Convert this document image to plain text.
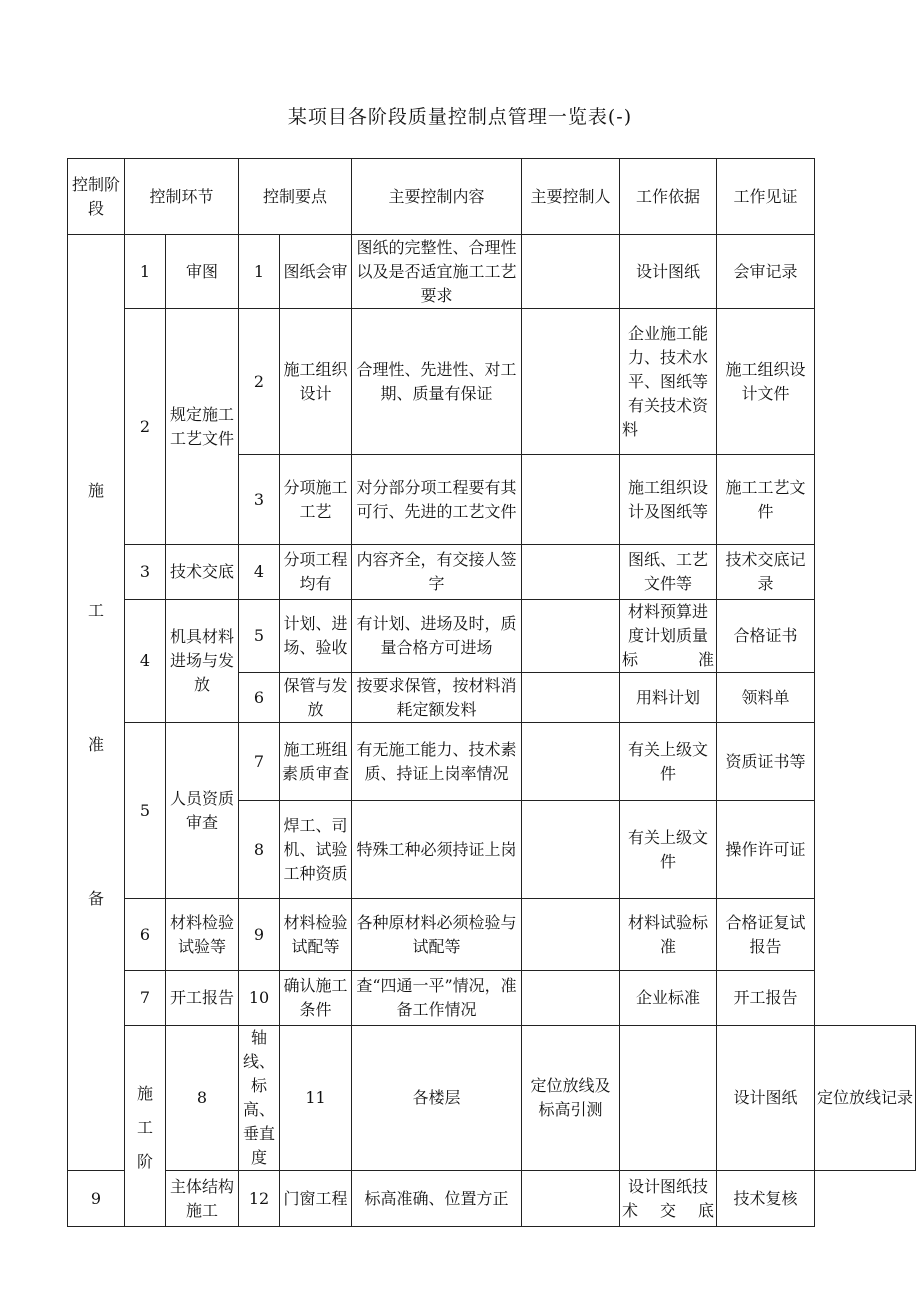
某项目各阶段质量控制点管理一览表(-)
控制阶段	控制环节		控制要点		主要控制内容	主要控制人	工作依据	工作见证	

施
工
准
备	1	审图	1	图纸会审	图纸的完整性、合理性以及是否适宜施工工艺要求		设计图纸	会审记录	
	2	规定施工工艺文件	2	施工组织设计	合理性、先进性、对工期、质量有保证		企业施工能力、技术水平、图纸等有关技术资料	施工组织设计文件	
			3	分项施工工艺	对分部分项工程要有其可行、先进的工艺文件		施工组织设计及图纸等	施工工艺文件	
	3	技术交底	4	分项工程均有	内容齐全，有交接人签字		图纸、工艺文件等	技术交底记录	
	4	机具材料进场与发放	5	计划、进场、验收	有计划、进场及时，质量合格方可进场		材料预算进度计划质量标准	合格证书	
			6	保管与发放	按要求保管，按材料消耗定额发料		用料计划	领料单	
	5	人员资质审查	7	施工班组素质审查	有无施工能力、技术素质、持证上岗率情况		有关上级文件	资质证书等	
			8	焊工、司机、试验工种资质	特殊工种必须持证上岗		有关上级文件	操作许可证	
	6	材料检验试验等	9	材料检验试配等	各种原材料必须检验与试配等		材料试验标准	合格证复试报告	
	7	开工报告	10	确认施工条件	查“四通一平”情况，准备工作情况		企业标准	开工报告	

	施
工
阶	8	轴线、标高、垂直度	11	各楼层	定位放线及标高引测		设计图纸	定位放线记录
9		主体结构施工	12	门窗工程	标高准确、位置方正		设计图纸技术交底	技术复核	
